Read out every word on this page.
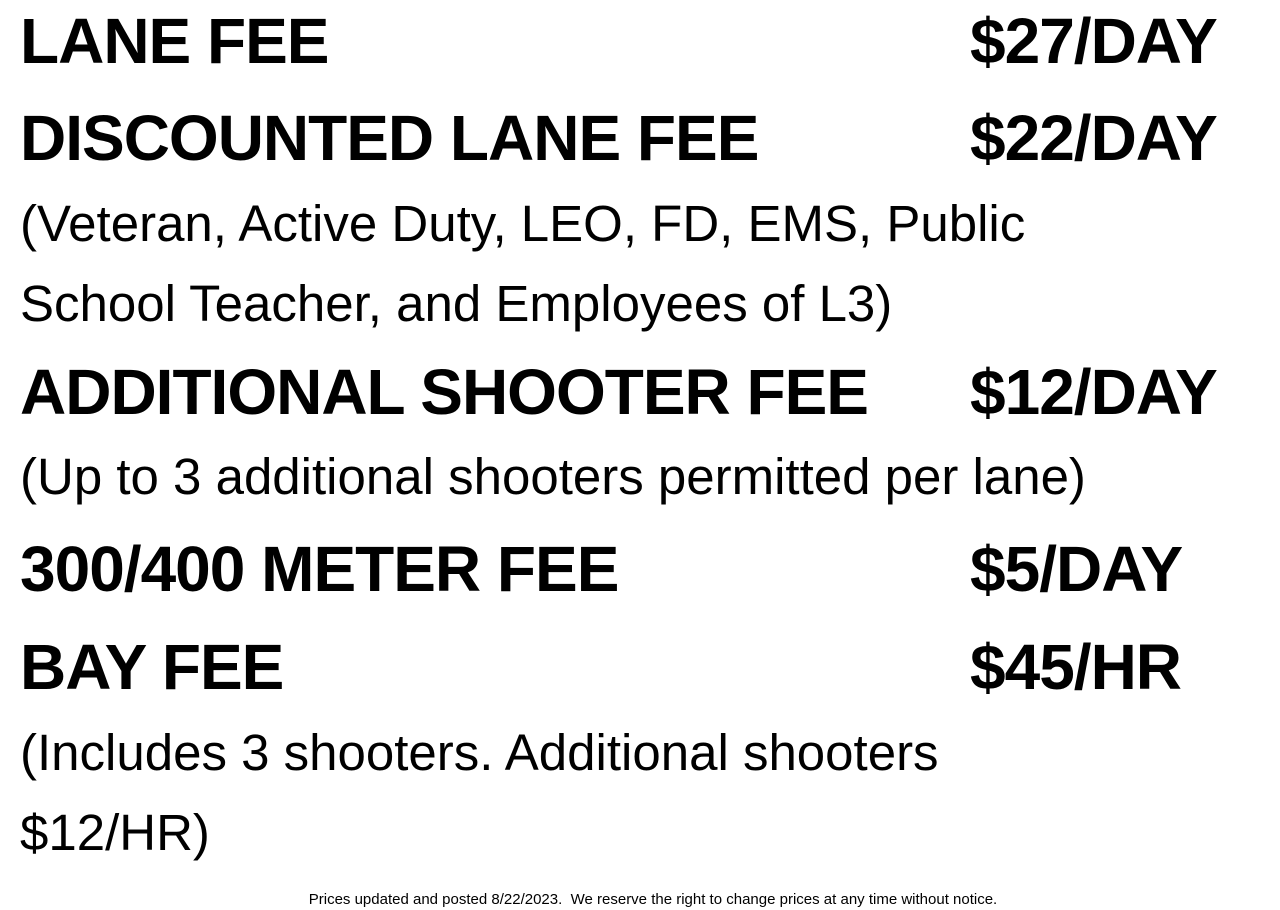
LANE FEE	$27/DAY
DISCOUNTED LANE FEE	$22/DAY
(Veteran, Active Duty, LEO, FD, EMS, Public
School Teacher, and Employees of L3)
ADDITIONAL SHOOTER FEE $12/DAY
(Up to 3 additional shooters permitted per lane)
300/400 METER FEE	$5/DAY
BAY FEE	$45/HR
(Includes 3 shooters. Additional shooters
$12/HR)
Prices updated and posted 8/22/2023.  We reserve the right to change prices at any time without notice.
